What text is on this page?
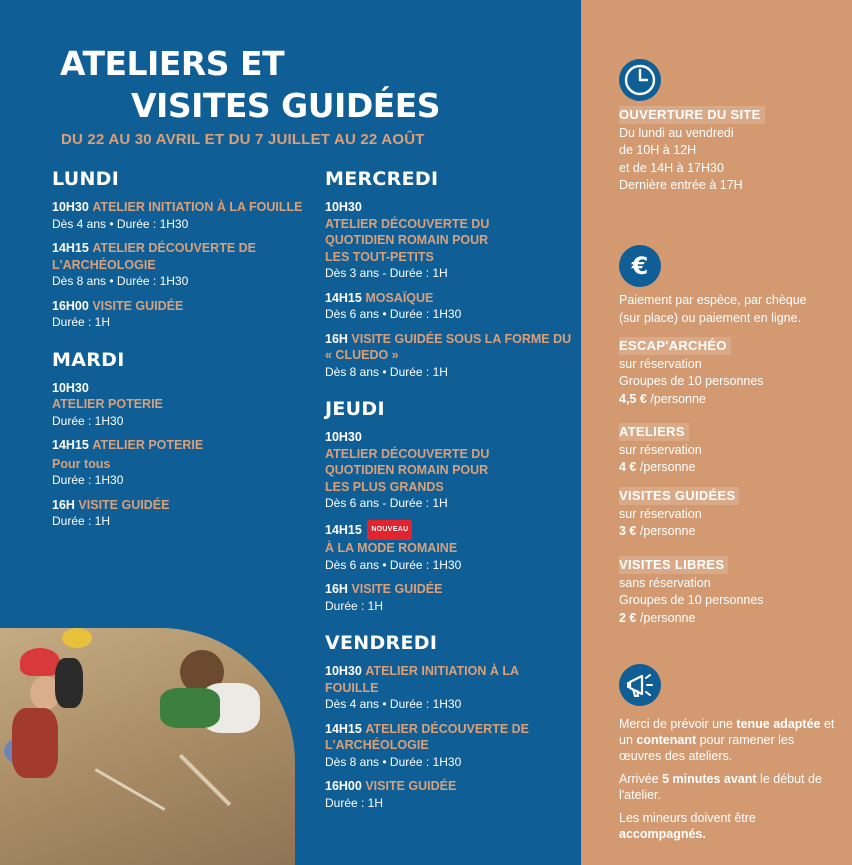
ATELIERS ET
VISITES GUIDÉES
DU 22 AU 30 AVRIL ET DU 7 JUILLET AU 22 AOÛT
LUNDI
10H30 ATELIER INITIATION À LA FOUILLE
Dès 4 ans • Durée : 1H30
14H15 ATELIER DÉCOUVERTE DE L'ARCHÉOLOGIE
Dès 8 ans • Durée : 1H30
16H00 VISITE GUIDÉE
Durée : 1H
MARDI
10H30
ATELIER POTERIE
Durée : 1H30
14H15 ATELIER POTERIE
Pour tous
Durée : 1H30
16H VISITE GUIDÉE
Durée : 1H
MERCREDI
10H30
ATELIER DÉCOUVERTE DU QUOTIDIEN ROMAIN POUR LES TOUT-PETITS
Dès 3 ans - Durée : 1H
14H15 MOSAÏQUE
Dès 6 ans • Durée : 1H30
16H VISITE GUIDÉE SOUS LA FORME DU « CLUEDO »
Dès 8 ans • Durée : 1H
JEUDI
10H30
ATELIER DÉCOUVERTE DU QUOTIDIEN ROMAIN POUR LES PLUS GRANDS
Dès 6 ans - Durée : 1H
14H15 NOUVEAU
À LA MODE ROMAINE
Dès 6 ans • Durée : 1H30
16H VISITE GUIDÉE
Durée : 1H
VENDREDI
10H30 ATELIER INITIATION À LA FOUILLE
Dès 4 ans • Durée : 1H30
14H15 ATELIER DÉCOUVERTE DE L'ARCHÉOLOGIE
Dès 8 ans • Durée : 1H30
16H00 VISITE GUIDÉE
Durée : 1H
OUVERTURE DU SITE
Du lundi au vendredi
de 10H à 12H
et de 14H à 17H30
Dernière entrée à 17H
€
Paiement par espèce, par chèque
(sur place) ou paiement en ligne.
ESCAP'ARCHÉO
sur réservation
Groupes de 10 personnes
4,5 € /personne
ATELIERS
sur réservation
4 € /personne
VISITES GUIDÉES
sur réservation
3 € /personne
VISITES LIBRES
sans réservation
Groupes de 10 personnes
2 € /personne
Merci de prévoir une tenue adaptée et un contenant pour ramener les œuvres des ateliers.
Arrivée 5 minutes avant le début de l'atelier.
Les mineurs doivent être accompagnés.
